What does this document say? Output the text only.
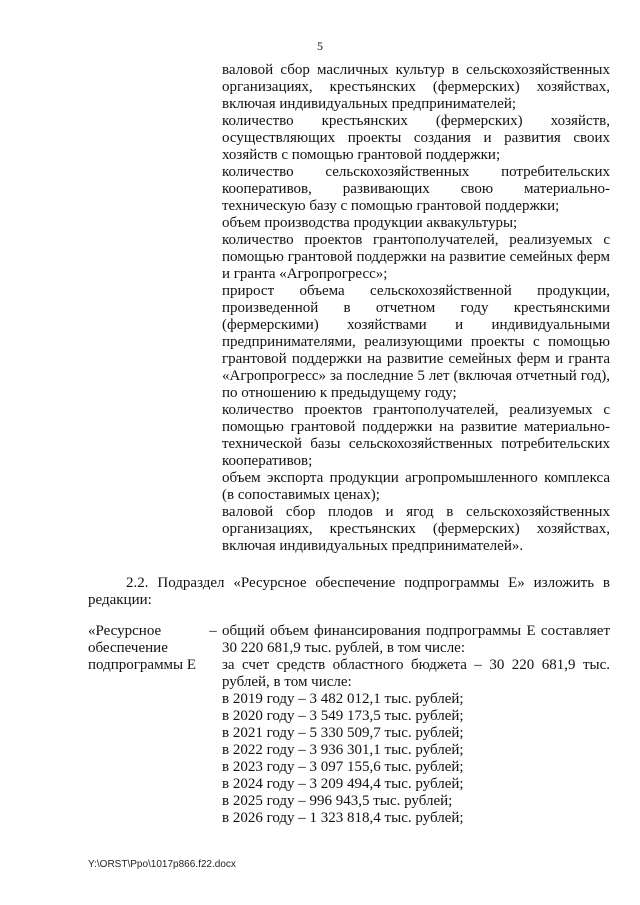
5
валовой сбор масличных культур в сельскохозяйственных организациях, крестьянских (фермерских) хозяйствах, включая индивидуальных предпринимателей;
количество крестьянских (фермерских) хозяйств, осуществляющих проекты создания и развития своих хозяйств с помощью грантовой поддержки;
количество сельскохозяйственных потребительских кооперативов, развивающих свою материально-техническую базу с помощью грантовой поддержки;
объем производства продукции аквакультуры;
количество проектов грантополучателей, реализуемых с помощью грантовой поддержки на развитие семейных ферм и гранта «Агропрогресс»;
прирост объема сельскохозяйственной продукции, произведенной в отчетном году крестьянскими (фермерскими) хозяйствами и индивидуальными предпринимателями, реализующими проекты с помощью грантовой поддержки на развитие семейных ферм и гранта «Агропрогресс» за последние 5 лет (включая отчетный год), по отношению к предыдущему году;
количество проектов грантополучателей, реализуемых с помощью грантовой поддержки на развитие материально-технической базы сельскохозяйственных потребительских кооперативов;
объем экспорта продукции агропромышленного комплекса (в сопоставимых ценах);
валовой сбор плодов и ягод в сельскохозяйственных организациях, крестьянских (фермерских) хозяйствах, включая индивидуальных предпринимателей».

2.2. Подраздел «Ресурсное обеспечение подпрограммы Е» изложить в редакции:

«Ресурсное обеспечение подпрограммы Е
– общий объем финансирования подпрограммы Е составляет 30 220 681,9 тыс. рублей, в том числе:

за счет средств областного бюджета – 30 220 681,9 тыс. рублей, в том числе:

в 2019 году – 3 482 012,1 тыс. рублей;

в 2020 году – 3 549 173,5 тыс. рублей;

в 2021 году – 5 330 509,7 тыс. рублей;

в 2022 году – 3 936 301,1 тыс. рублей;

в 2023 году – 3 097 155,6 тыс. рублей;

в 2024 году – 3 209 494,4 тыс. рублей;

в 2025 году – 996 943,5 тыс. рублей;

в 2026 году – 1 323 818,4 тыс. рублей;

Y:\ORST\Ppo\1017p866.f22.docx
